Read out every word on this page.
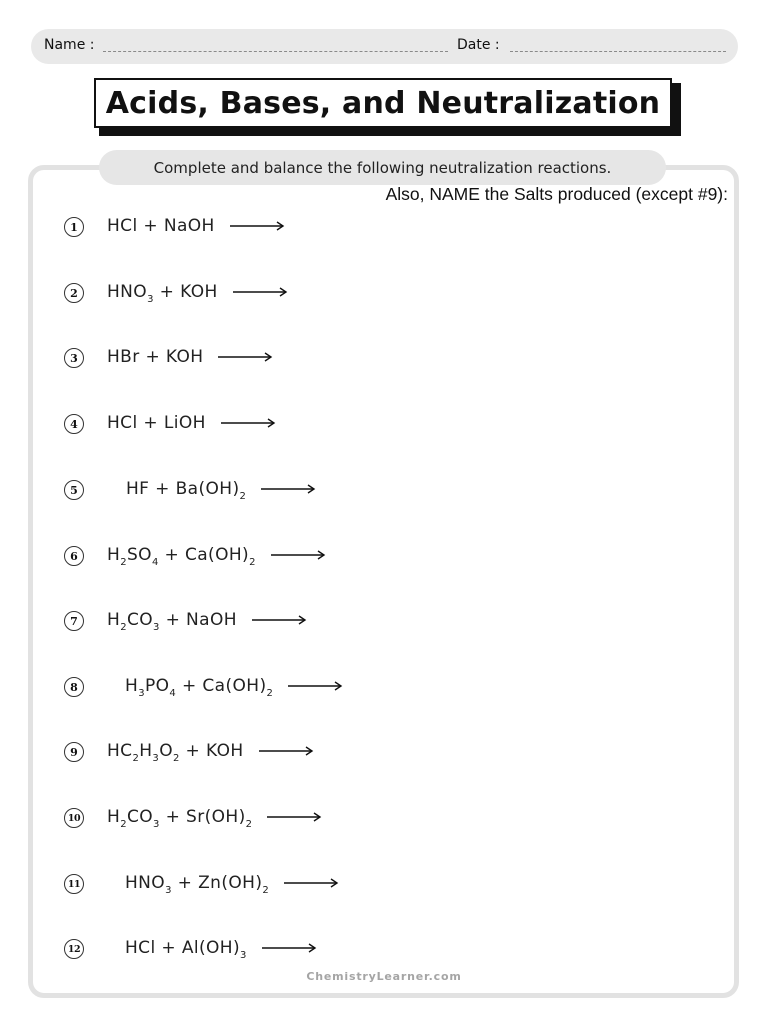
Name :	Date :
Acids, Bases, and Neutralization
Complete and balance the following neutralization reactions.
Also, NAME the Salts produced (except #9):
1	HCl + NaOH →
2	$HNO_3$ + KOH →
3	HBr + KOH →
4	HCl + LiOH →
5	HF + $Ba(OH)_2$
6	$H_2SO_4 + Ca(OH)_2$
7	$H_2CO_3$ + NaOH →
8	$H_3PO_4 + Ca(OH)_2$
9	$HC_2H_3O_2$ + KOH →
10 $H_2CO_3 + Sr(OH)_2$
11	$HNO_3 + Zn(OH)_2$
12	HCl + $Al(OH)_3$
ChemistryLearner.com
